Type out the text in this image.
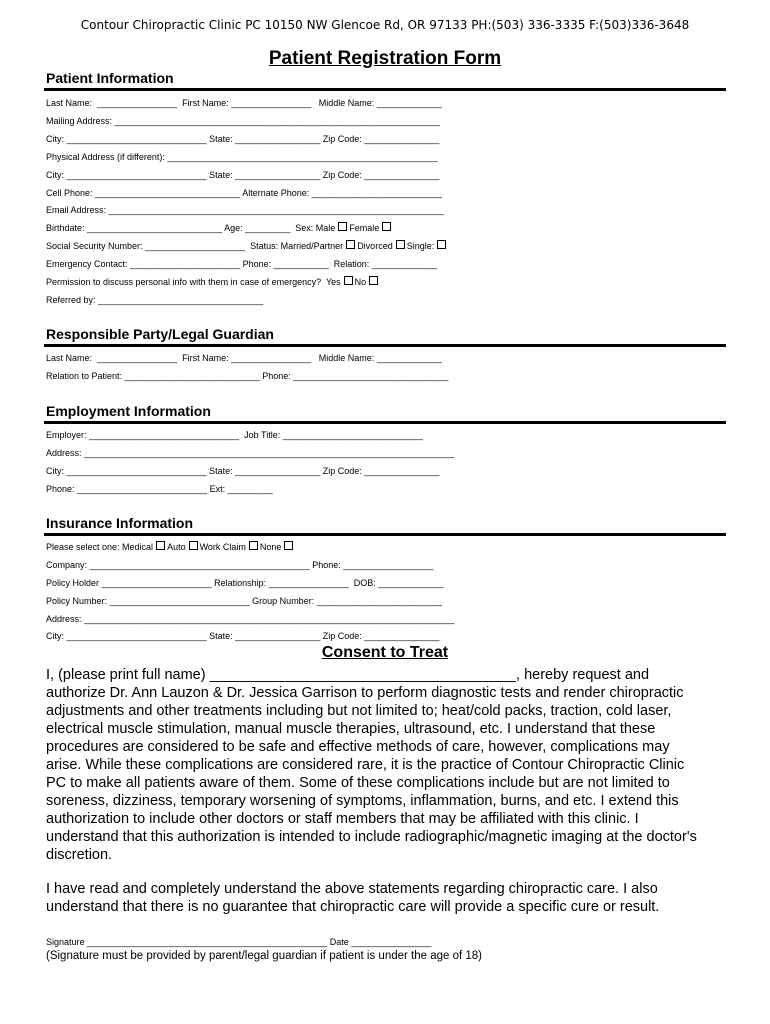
Contour Chiropractic Clinic PC 10150 NW Glencoe Rd, OR 97133 PH:(503) 336-3335 F:(503)336-3648
Patient Registration Form
Patient Information
Last Name:  ________________  First Name: ________________   Middle Name: _____________
Mailing Address: _________________________________________________________________
City: ____________________________ State: _________________ Zip Code: _______________
Physical Address (if different): ______________________________________________________
City: ____________________________ State: _________________ Zip Code: _______________
Cell Phone: _____________________________ Alternate Phone: __________________________
Email Address: ___________________________________________________________________
Birthdate: ___________________________ Age: _________  Sex: Male Female
Social Security Number: ____________________  Status: Married/Partner Divorced Single:
Emergency Contact: ______________________ Phone: ___________  Relation: _____________
Permission to discuss personal info with them in case of emergency?  Yes No
Referred by: _________________________________
Responsible Party/Legal Guardian
Last Name:  ________________  First Name: ________________   Middle Name: _____________
Relation to Patient: ___________________________ Phone: _______________________________
Employment Information
Employer: ______________________________  Job Title: ____________________________
Address: __________________________________________________________________________
City: ____________________________ State: _________________ Zip Code: _______________
Phone: __________________________ Ext: _________
Insurance Information
Please select one: Medical Auto Work Claim None
Company: ____________________________________________ Phone: __________________
Policy Holder ______________________ Relationship: ________________  DOB: _____________
Policy Number: ____________________________ Group Number: _________________________
Address: __________________________________________________________________________
City: ____________________________ State: _________________ Zip Code: _______________
Consent to Treat
I, (please print full name) ______________________________________, hereby request and
authorize Dr. Ann Lauzon & Dr. Jessica Garrison to perform diagnostic tests and render chiropractic
adjustments and other treatments including but not limited to; heat/cold packs, traction, cold laser,
electrical muscle stimulation, manual muscle therapies, ultrasound, etc. I understand that these
procedures are considered to be safe and effective methods of care, however, complications may
arise. While these complications are considered rare, it is the practice of Contour Chiropractic Clinic
PC to make all patients aware of them. Some of these complications include but are not limited to
soreness, dizziness, temporary worsening of symptoms, inflammation, burns, and etc. I extend this
authorization to include other doctors or staff members that may be affiliated with this clinic. I
understand that this authorization is intended to include radiographic/magnetic imaging at the doctor's
discretion.
I have read and completely understand the above statements regarding chiropractic care. I also
understand that there is no guarantee that chiropractic care will provide a specific cure or result.
Signature ________________________________________________ Date ________________
(Signature must be provided by parent/legal guardian if patient is under the age of 18)
